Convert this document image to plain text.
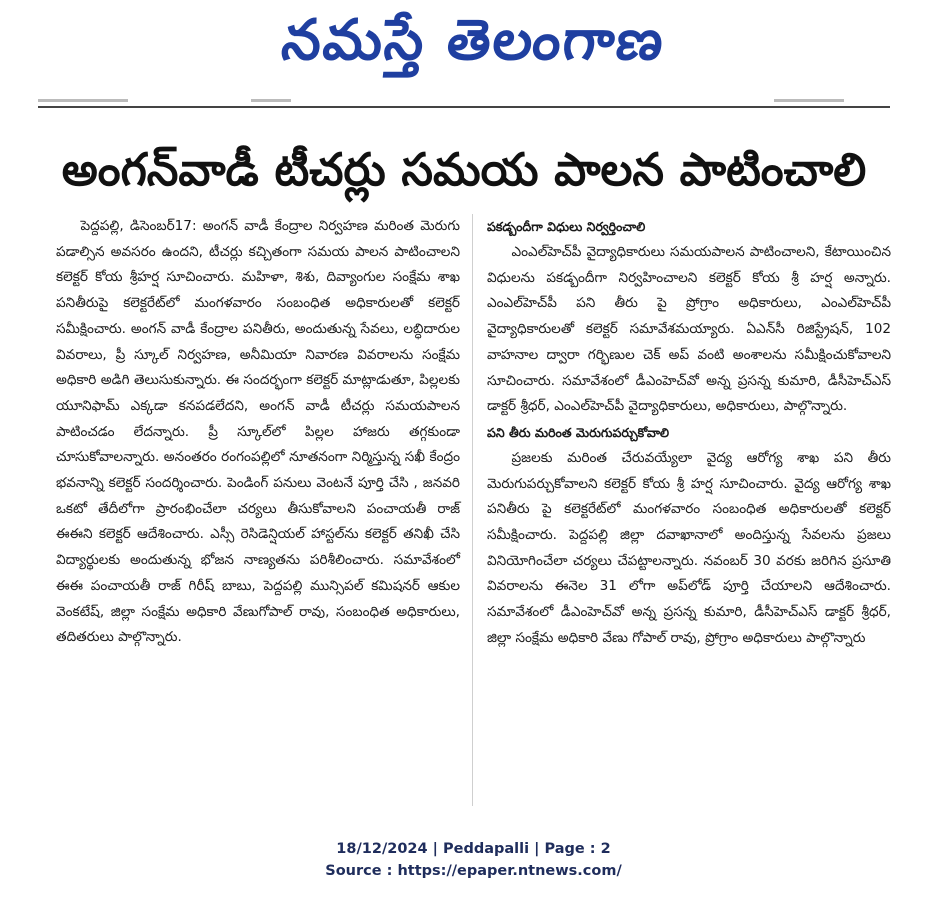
నమస్తే తెలంగాణ

అంగన్‌వాడీ టీచర్లు సమయ పాలన పాటించాలి

పెద్దపల్లి, డిసెంబర్‌17: అంగన్ వాడీ కేంద్రాల నిర్వహణ మరింత మెరుగు పడాల్సిన అవసరం ఉందని, టీచర్లు కచ్చితంగా సమయ పాలన పాటించాలని కలెక్టర్ కోయ శ్రీహర్ష సూచించారు. మహిళా, శిశు, దివ్యాంగుల సంక్షేమ శాఖ పనితీరుపై కలెక్టరేట్‌లో మంగళవారం సంబంధిత అధికారులతో కలెక్టర్ సమీక్షించారు. అంగన్ వాడీ కేంద్రాల పనితీరు, అందుతున్న సేవలు, లబ్ధిదారుల వివరాలు, ప్రీ స్కూల్ నిర్వహణ, అనీమియా నివారణ వివరాలను సంక్షేమ అధికారి అడిగి తెలుసుకున్నారు. ఈ సందర్భంగా కలెక్టర్ మాట్లాడుతూ, పిల్లలకు యూనిఫామ్ ఎక్కడా కనపడలేదని, అంగన్ వాడీ టీచర్లు సమయపాలన పాటించడం లేదన్నారు. ప్రీ స్కూల్‌లో పిల్లల హాజరు తగ్గకుండా చూసుకోవాలన్నారు. అనంతరం రంగంపల్లిలో నూతనంగా నిర్మిస్తున్న సఖీ కేంద్రం భవనాన్ని కలెక్టర్ సందర్శించారు. పెండింగ్ పనులు వెంటనే పూర్తి చేసి , జనవరి ఒకటో తేదీలోగా ప్రారంభించేలా చర్యలు తీసుకోవాలని పంచాయతీ రాజ్ ఈఈని కలెక్టర్ ఆదేశించారు. ఎస్సీ రెసిడెన్షియల్ హాస్టల్‌ను కలెక్టర్ తనిఖీ చేసి విద్యార్థులకు అందుతున్న భోజన నాణ్యతను పరిశీలించారు. సమావేశంలో ఈఈ పంచాయతీ రాజ్ గిరీష్ బాబు, పెద్దపల్లి మున్సిపల్ కమిషనర్ ఆకుల వెంకటేష్, జిల్లా సంక్షేమ అధికారి వేణుగోపాల్ రావు, సంబంధిత అధికారులు, తదితరులు పాల్గొన్నారు.

పకడ్బందీగా విధులు నిర్వర్తించాలి

ఎంఎల్‌హెచ్‌పీ వైద్యాధికారులు సమయపాలన పాటించాలని, కేటాయించిన విధులను పకడ్బందీగా నిర్వహించాలని కలెక్టర్ కోయ శ్రీ హర్ష అన్నారు. ఎంఎల్‌హెచ్‌పీ పని తీరు పై ప్రోగ్రాం అధికారులు, ఎంఎల్‌హెచ్‌పీ వైద్యాధికారులతో కలెక్టర్ సమావేశమయ్యారు. ఏఎన్‌సీ రిజిస్ట్రేషన్, 102 వాహనాల ద్వారా గర్భిణుల చెక్ అప్ వంటి అంశాలను సమీక్షించుకోవాలని సూచించారు. సమావేశంలో డీఎంహెచ్‌వో అన్న ప్రసన్న కుమారి, డీసీహెచ్‌ఎస్ డాక్టర్ శ్రీధర్, ఎంఎల్‌హెచ్‌పీ వైద్యాధికారులు, అధికారులు, పాల్గొన్నారు.

పని తీరు మరింత మెరుగుపర్చుకోవాలి

ప్రజలకు మరింత చేరువయ్యేలా వైద్య ఆరోగ్య శాఖ పని తీరు మెరుగుపర్చుకోవాలని కలెక్టర్ కోయ శ్రీ హర్ష సూచించారు. వైద్య ఆరోగ్య శాఖ పనితీరు పై కలెక్టరేట్‌లో మంగళవారం సంబంధిత అధికారులతో కలెక్టర్ సమీక్షించారు. పెద్దపల్లి జిల్లా దవాఖానాలో అందిస్తున్న సేవలను ప్రజలు వినియోగించేలా చర్యలు చేపట్టాలన్నారు. నవంబర్ 30 వరకు జరిగిన ప్రసూతి వివరాలను ఈనెల 31 లోగా అప్‌లోడ్ పూర్తి చేయాలని ఆదేశించారు. సమావేశంలో డీఎంహెచ్‌వో అన్న ప్రసన్న కుమారి, డీసీహెచ్‌ఎస్ డాక్టర్ శ్రీధర్, జిల్లా సంక్షేమ అధికారి వేణు గోపాల్ రావు, ప్రోగ్రాం అధికారులు పాల్గొన్నారు

18/12/2024 | Peddapalli | Page : 2
Source : https://epaper.ntnews.com/
